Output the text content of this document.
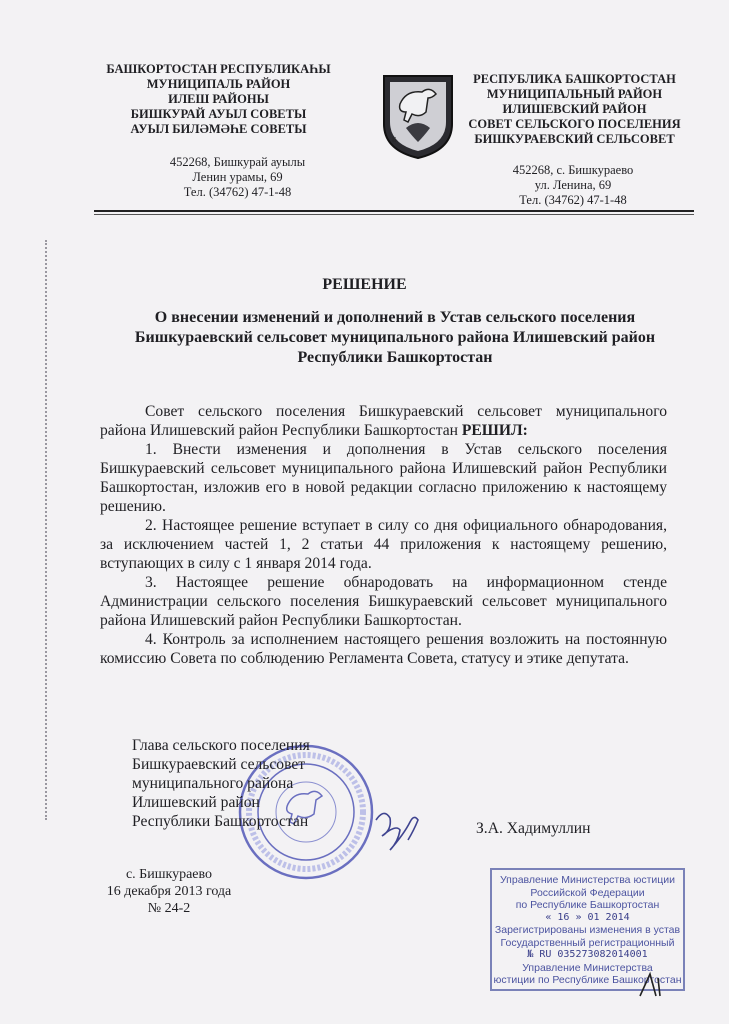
БАШКОРТОСТАН РЕСПУБЛИКАҺЫ
МУНИЦИПАЛЬ РАЙОН
ИЛЕШ РАЙОНЫ
БИШКУРАЙ АУЫЛ СОВЕТЫ
АУЫЛ БИЛӘМӘҺЕ СОВЕТЫ
452268, Бишкурай ауылы
Ленин урамы, 69
Тел. (34762) 47-1-48
II
РЕСПУБЛИКА БАШКОРТОСТАН
МУНИЦИПАЛЬНЫЙ РАЙОН
ИЛИШЕВСКИЙ РАЙОН
СОВЕТ СЕЛЬСКОГО ПОСЕЛЕНИЯ
БИШКУРАЕВСКИЙ СЕЛЬСОВЕТ
452268, с. Бишкураево
ул. Ленина, 69
Тел. (34762) 47-1-48
РЕШЕНИЕ
О внесении изменений и дополнений в Устав сельского поселения
Бишкураевский сельсовет муниципального района Илишевский район
Республики Башкортостан

Совет сельского поселения Бишкураевский сельсовет муниципального района Илишевский район Республики Башкортостан РЕШИЛ:

1. Внести изменения и дополнения в Устав сельского поселения Бишкураевский сельсовет муниципального района Илишевский район Республики Башкортостан, изложив его в новой редакции согласно приложению к настоящему решению.

2. Настоящее решение вступает в силу со дня официального обнародования, за исключением частей 1, 2 статьи 44 приложения к настоящему решению, вступающих в силу с 1 января 2014 года.

3. Настоящее решение обнародовать на информационном стенде Администрации сельского поселения Бишкураевский сельсовет муниципального района Илишевский район Республики Башкортостан.

4. Контроль за исполнением настоящего решения возложить на постоянную комиссию Совета по соблюдению Регламента Совета, статусу и этике депутата.

Глава сельского поселения
Бишкураевский сельсовет
муниципального района
Илишевский район
Республики Башкортостан	З.А. Хадимуллин
с. Бишкураево
16 декабря 2013 года
№ 24-2
Управление Министерства юстиции
Российской Федерации
по Республике Башкортостан
« 16 » 01 2014
Зарегистрированы изменения в устав
Государственный регистрационный
№ RU 035273082014001
Управление Министерства
юстиции по Республике Башкортостан
